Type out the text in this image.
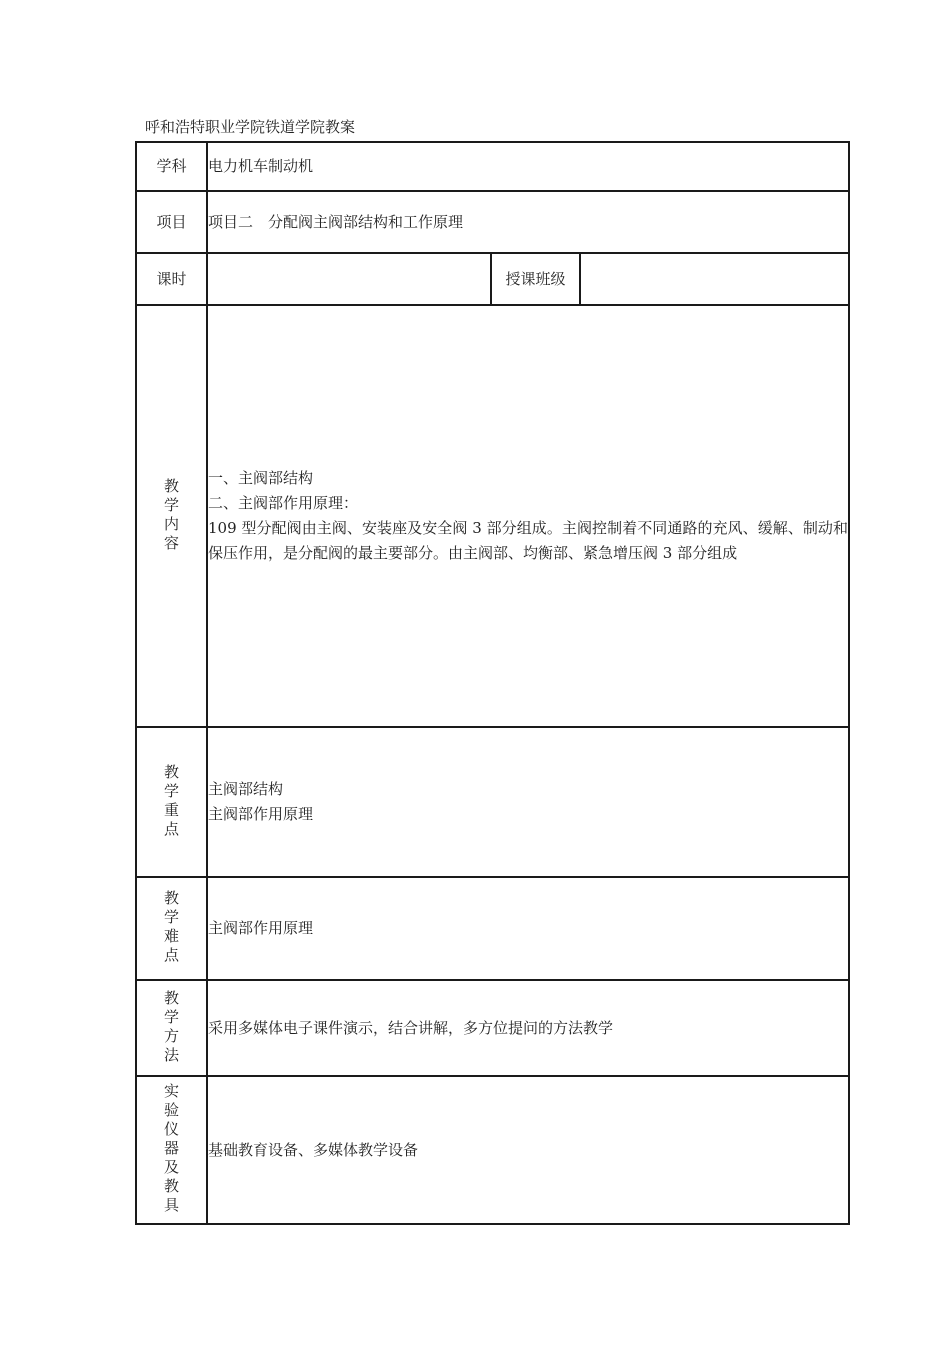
呼和浩特职业学院铁道学院教案
学科	电力机车制动机		
项目	项目二　分配阀主阀部结构和工作原理		
课时		授课班级	
教学内容	一、主阀部结构
二、主阀部作用原理：
109 型分配阀由主阀、安装座及安全阀 3 部分组成。主阀控制着不同通路的充风、缓解、制动和保压作用，是分配阀的最主要部分。由主阀部、均衡部、紧急增压阀 3 部分组成		

教学重点	主阀部结构
主阀部作用原理		

教学难点	主阀部作用原理		
教学方法	采用多媒体电子课件演示，结合讲解，多方位提问的方法教学		
实验仪器及教具	基础教育设备、多媒体教学设备		
